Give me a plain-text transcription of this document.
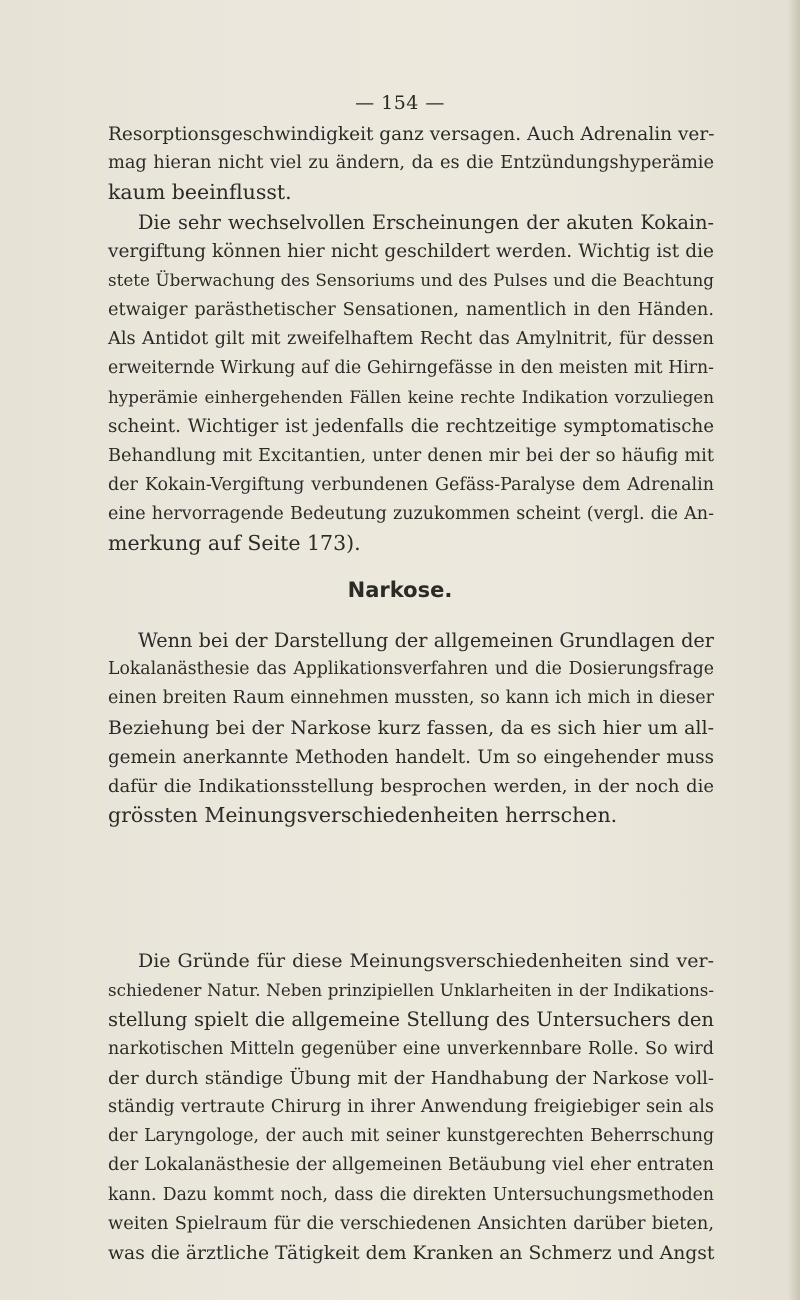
— 154 —
Resorptionsgeschwindigkeit ganz versagen. Auch Adrenalin ver-
mag hieran nicht viel zu ändern, da es die Entzündungshyperämie
kaum beeinflusst.
Die sehr wechselvollen Erscheinungen der akuten Kokain-
vergiftung können hier nicht geschildert werden. Wichtig ist die
stete Überwachung des Sensoriums und des Pulses und die Beachtung
etwaiger parästhetischer Sensationen, namentlich in den Händen.
Als Antidot gilt mit zweifelhaftem Recht das Amylnitrit, für dessen
erweiternde Wirkung auf die Gehirngefässe in den meisten mit Hirn-
hyperämie einhergehenden Fällen keine rechte Indikation vorzuliegen
scheint. Wichtiger ist jedenfalls die rechtzeitige symptomatische
Behandlung mit Excitantien, unter denen mir bei der so häufig mit
der Kokain-Vergiftung verbundenen Gefäss-Paralyse dem Adrenalin
eine hervorragende Bedeutung zuzukommen scheint (vergl. die An-
merkung auf Seite 173).
Narkose.
Wenn bei der Darstellung der allgemeinen Grundlagen der
Lokalanästhesie das Applikationsverfahren und die Dosierungsfrage
einen breiten Raum einnehmen mussten, so kann ich mich in dieser
Beziehung bei der Narkose kurz fassen, da es sich hier um all-
gemein anerkannte Methoden handelt. Um so eingehender muss
dafür die Indikationsstellung besprochen werden, in der noch die
grössten Meinungsverschiedenheiten herrschen.
Die Gründe für diese Meinungsverschiedenheiten sind ver-
schiedener Natur. Neben prinzipiellen Unklarheiten in der Indikations-
stellung spielt die allgemeine Stellung des Untersuchers den
narkotischen Mitteln gegenüber eine unverkennbare Rolle. So wird
der durch ständige Übung mit der Handhabung der Narkose voll-
ständig vertraute Chirurg in ihrer Anwendung freigiebiger sein als
der Laryngologe, der auch mit seiner kunstgerechten Beherrschung
der Lokalanästhesie der allgemeinen Betäubung viel eher entraten
kann. Dazu kommt noch, dass die direkten Untersuchungsmethoden
weiten Spielraum für die verschiedenen Ansichten darüber bieten,
was die ärztliche Tätigkeit dem Kranken an Schmerz und Angst
